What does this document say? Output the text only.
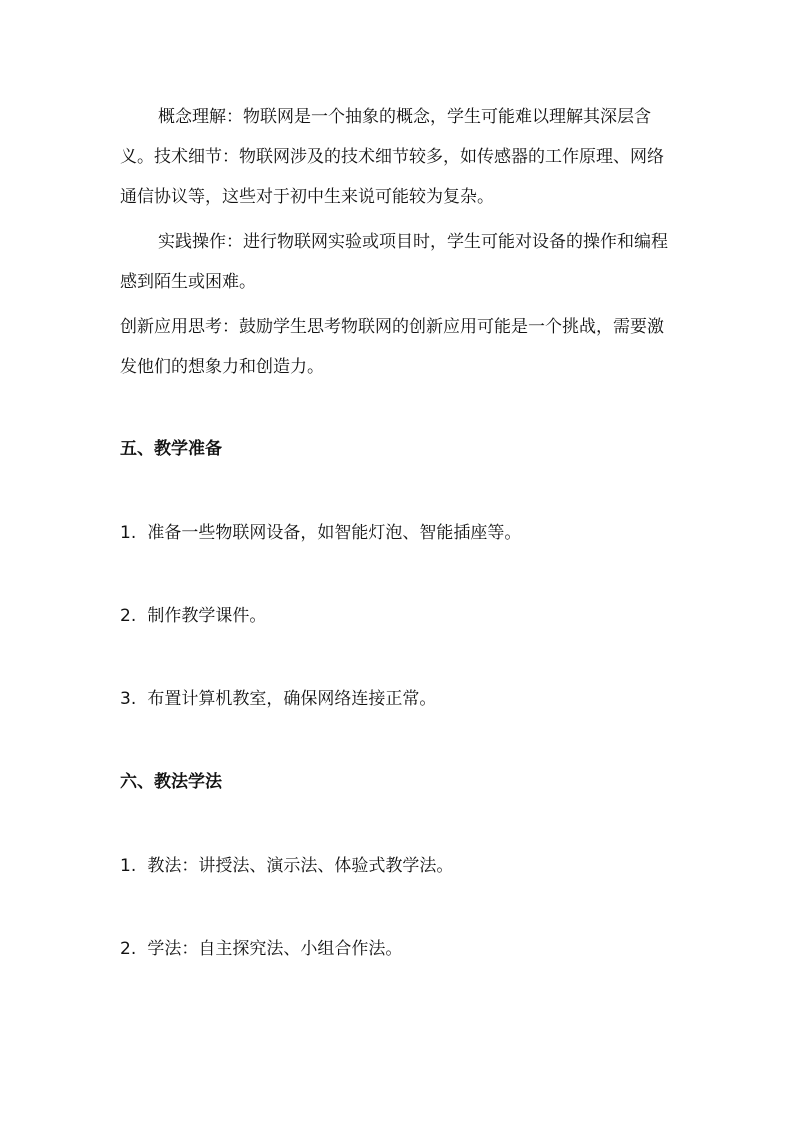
概念理解：物联网是一个抽象的概念，学生可能难以理解其深层含义。技术细节：物联网涉及的技术细节较多，如传感器的工作原理、网络通信协议等，这些对于初中生来说可能较为复杂。

实践操作：进行物联网实验或项目时，学生可能对设备的操作和编程感到陌生或困难。

创新应用思考：鼓励学生思考物联网的创新应用可能是一个挑战，需要激发他们的想象力和创造力。

五、教学准备
1. 准备一些物联网设备，如智能灯泡、智能插座等。
2. 制作教学课件。
3. 布置计算机教室，确保网络连接正常。
六、教法学法
1. 教法：讲授法、演示法、体验式教学法。
2. 学法：自主探究法、小组合作法。
